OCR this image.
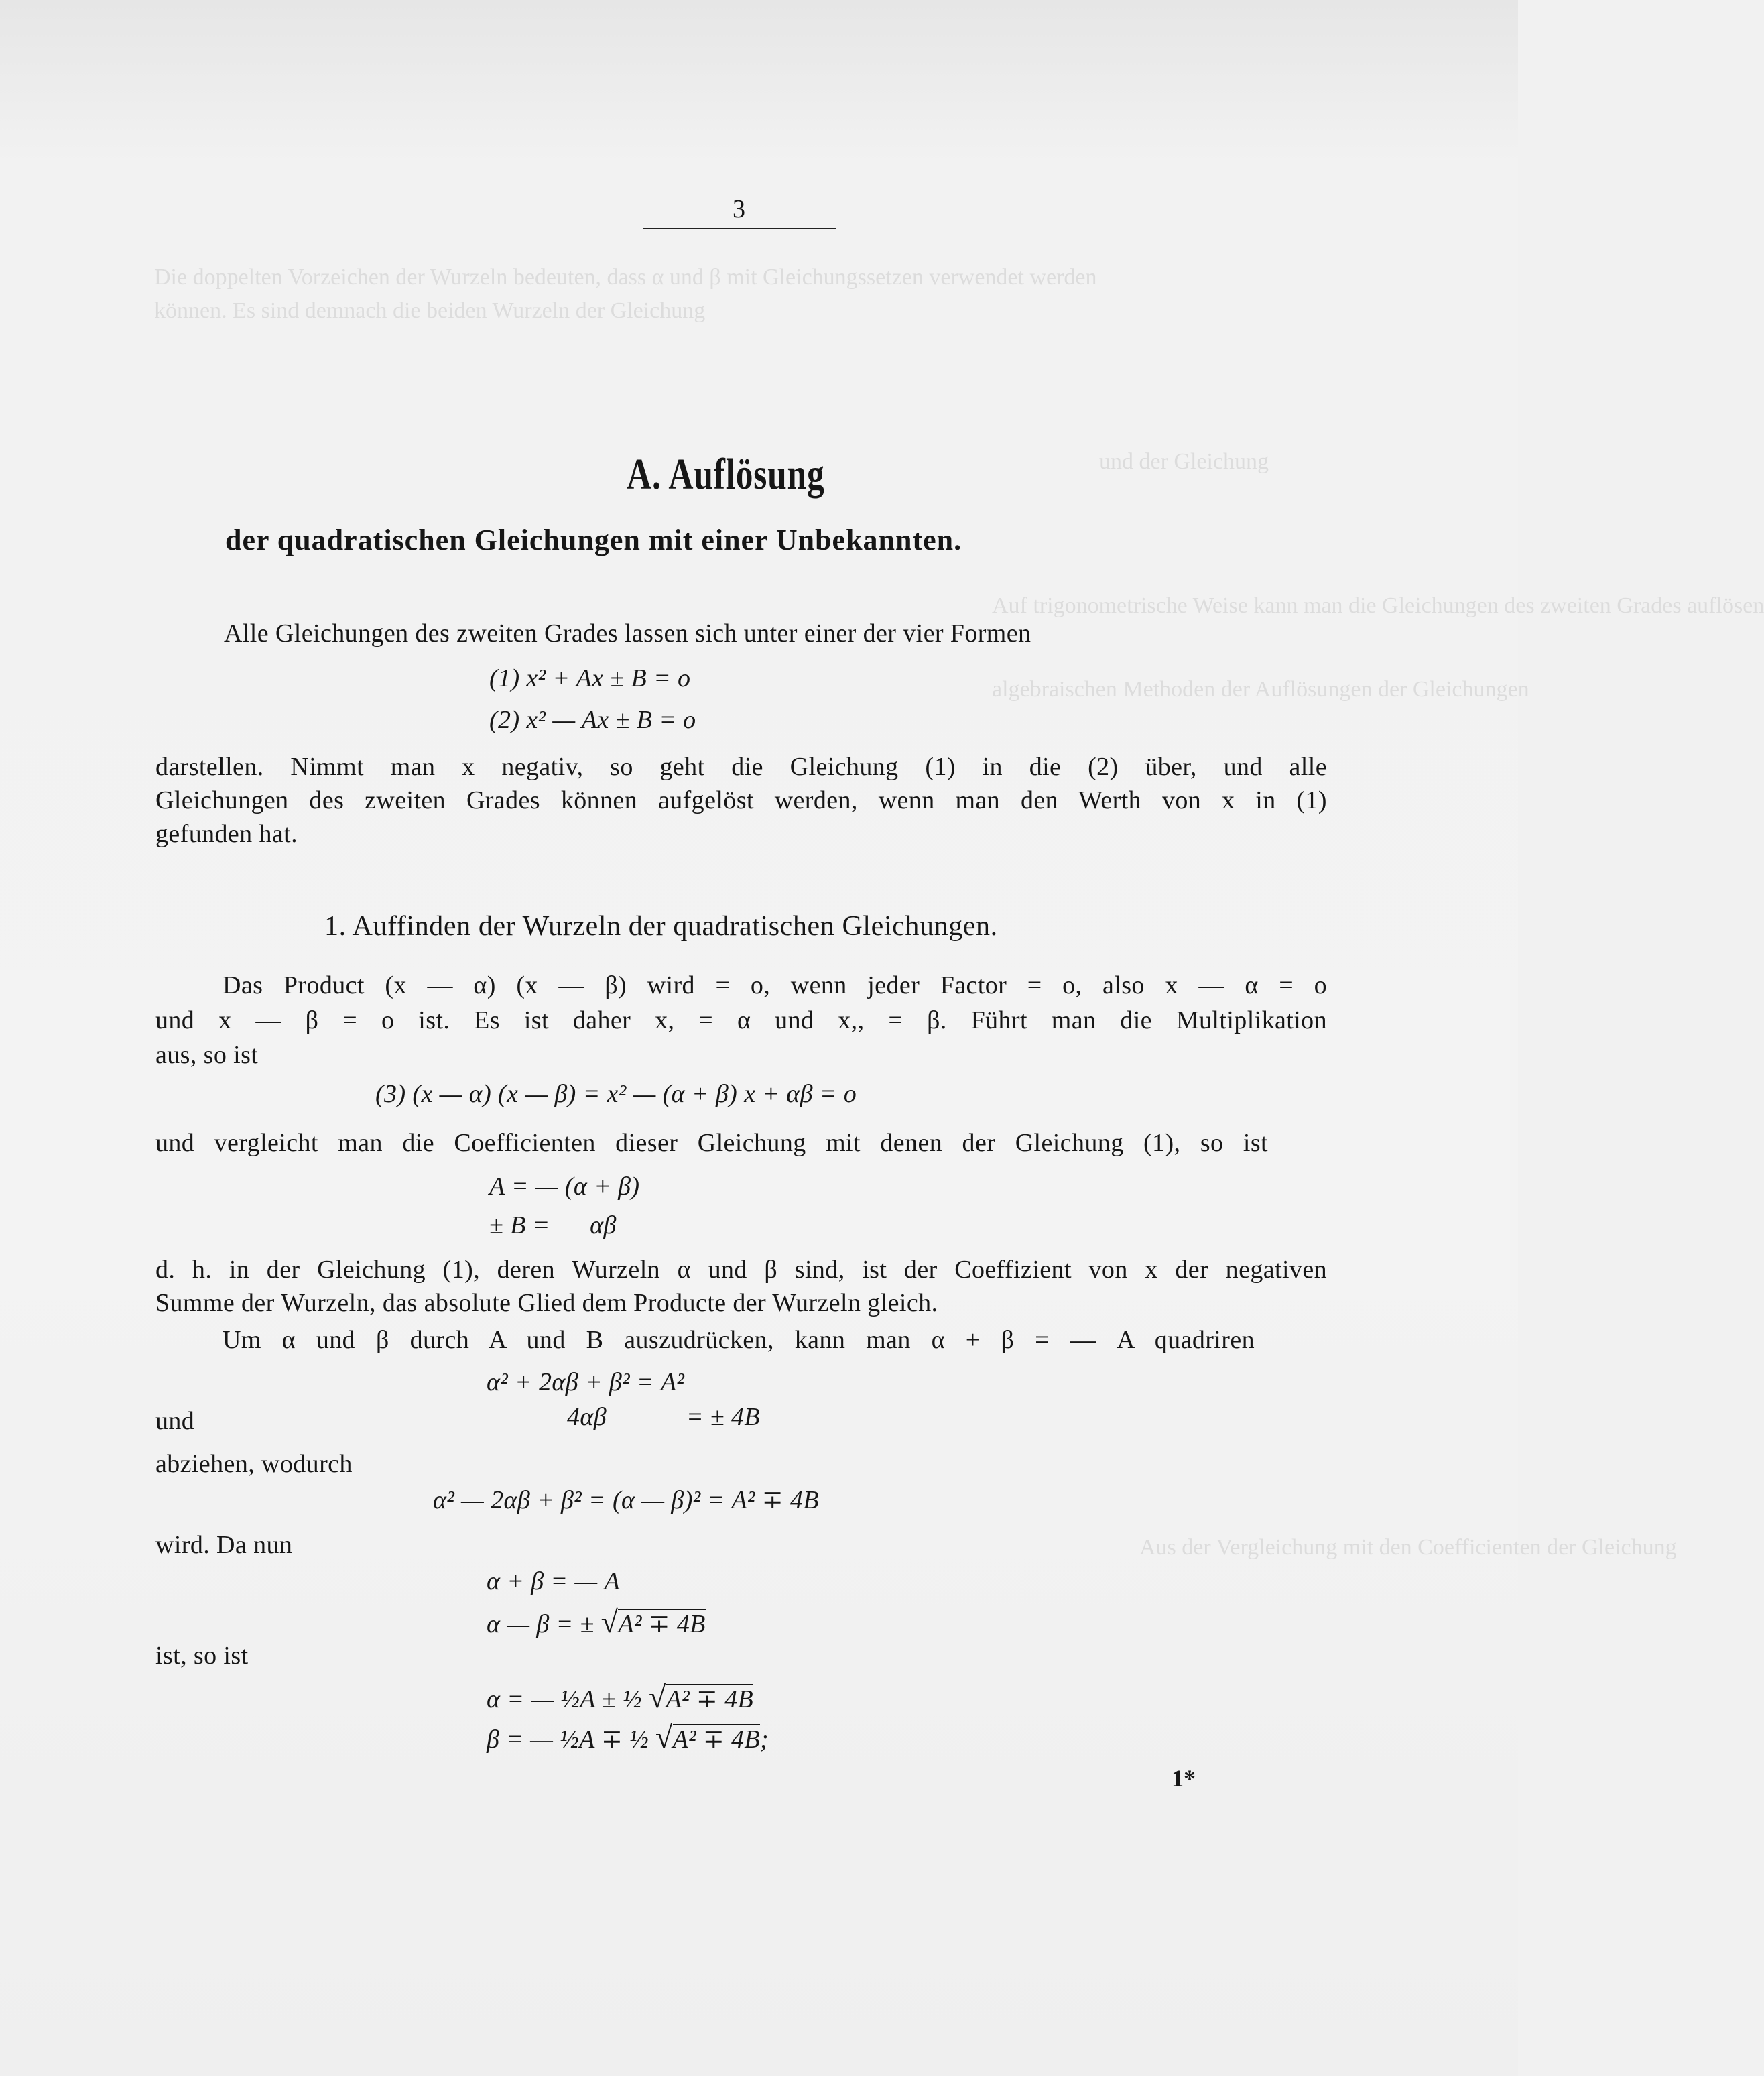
Die doppelten Vorzeichen der Wurzeln bedeuten, dass α und β mit Gleichungssetzen verwendet werden
können. Es sind demnach die beiden Wurzeln der Gleichung
und der Gleichung
Auf trigonometrische Weise kann man die Gleichungen des zweiten Grades auflösen
algebraischen Methoden der Auflösungen der Gleichungen
Aus der Vergleichung mit den Coefficienten der Gleichung
3
A. Auflösung
der quadratischen Gleichungen mit einer Unbekannten.
Alle Gleichungen des zweiten Grades lassen sich unter einer der vier Formen
(1) x² + Ax ± B = o
(2) x² — Ax ± B = o
darstellen. Nimmt man x negativ, so geht die Gleichung (1) in die (2) über, und alle
Gleichungen des zweiten Grades können aufgelöst werden, wenn man den Werth von x in (1)
gefunden hat.
1. Auffinden der Wurzeln der quadratischen Gleichungen.
Das Product (x — α) (x — β) wird = o, wenn jeder Factor = o, also x — α = o
und x — β = o ist. Es ist daher x, = α und x,, = β. Führt man die Multiplikation
aus, so ist
(3) (x — α) (x — β) = x² — (α + β) x + αβ = o
und vergleicht man die Coefficienten dieser Gleichung mit denen der Gleichung (1), so ist
A = — (α + β)
± B =      αβ
d. h. in der Gleichung (1), deren Wurzeln α und β sind, ist der Coeffizient von x der negativen
Summe der Wurzeln, das absolute Glied dem Producte der Wurzeln gleich.
Um α und β durch A und B auszudrücken, kann man α + β = — A quadriren
α² + 2αβ + β² = A²
und	4αβ            = ± 4B
abziehen, wodurch
α² — 2αβ + β² = (α — β)² = A² ∓ 4B
wird. Da nun
α + β = — A
α — β = ± √A² ∓ 4B
ist, so ist
α = — ½A ± ½ √A² ∓ 4B
β = — ½A ∓ ½ √A² ∓ 4B;
1*
